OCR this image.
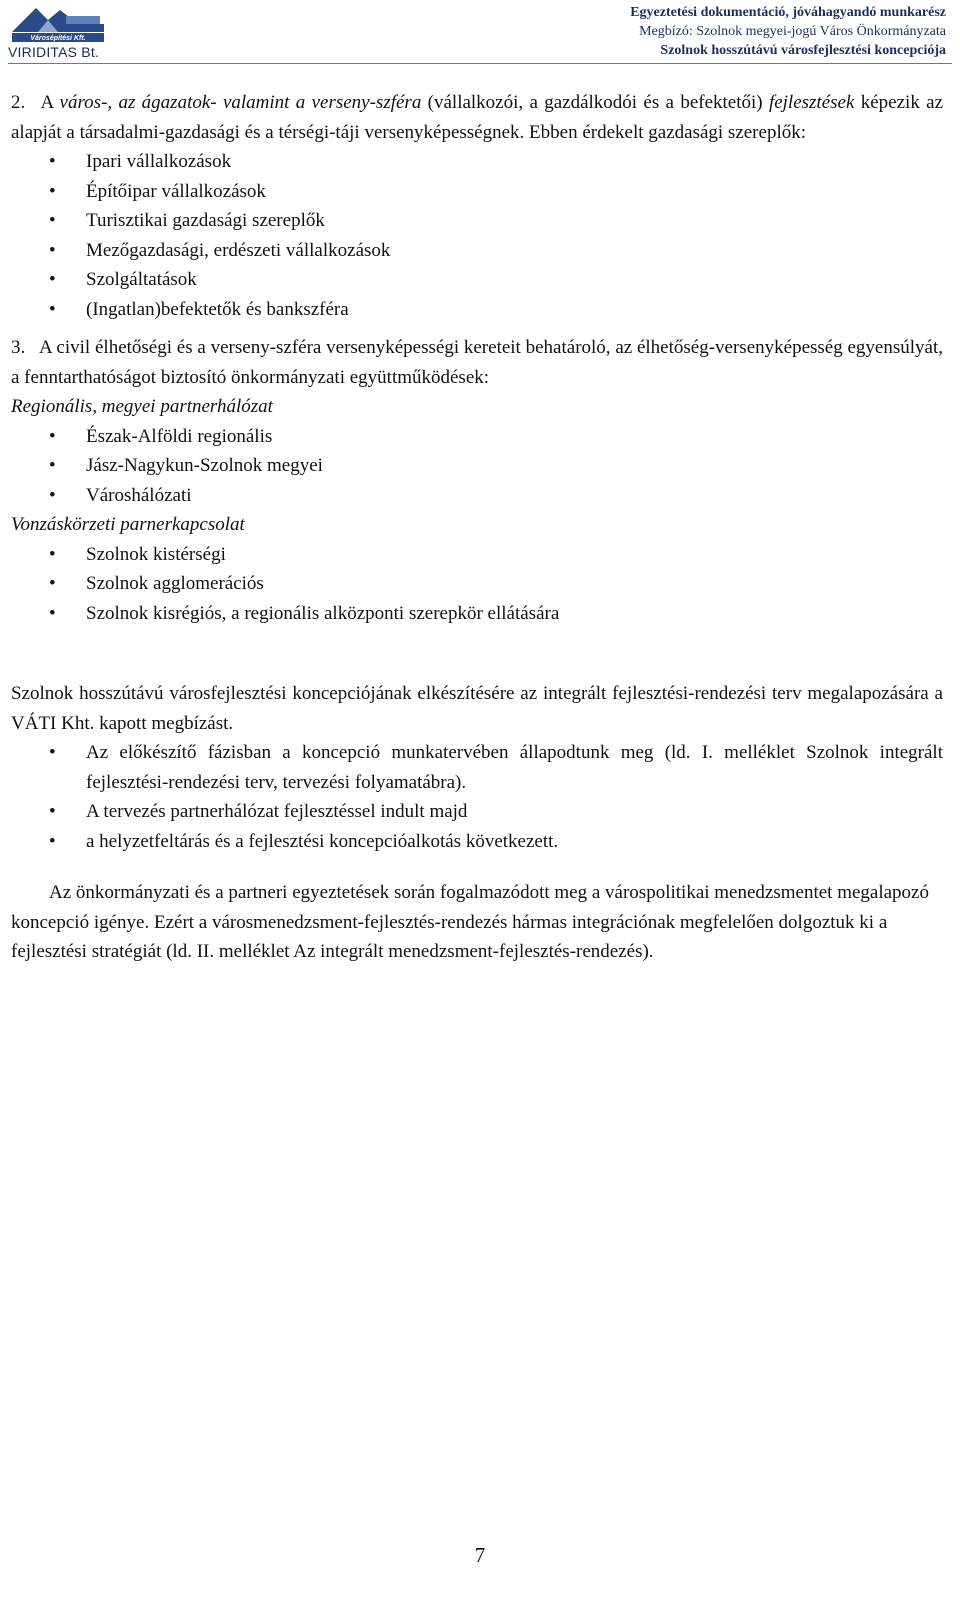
Városépítési Kft.
VIRIDITAS Bt.
Egyeztetési dokumentáció, jóváhagyandó munkarész
Megbízó: Szolnok megyei-jogú Város Önkormányzata
Szolnok hosszútávú városfejlesztési koncepciója

2. A város-, az ágazatok- valamint a verseny-szféra (vállalkozói, a gazdálkodói és a befektetői) fejlesztések képezik az alapját a társadalmi-gazdasági és a térségi-táji versenyképességnek. Ebben érdekelt gazdasági szereplők:

• Ipari vállalkozások
• Építőipar vállalkozások
• Turisztikai gazdasági szereplők
• Mezőgazdasági, erdészeti vállalkozások
• Szolgáltatások
• (Ingatlan)befektetők és bankszféra

3. A civil élhetőségi és a verseny-szféra versenyképességi kereteit behatároló, az élhetőség-versenyképesség egyensúlyát, a fenntarthatóságot biztosító önkormányzati együttműködések:

Regionális, megyei partnerhálózat

• Észak-Alföldi regionális
• Jász-Nagykun-Szolnok megyei
• Városhálózati

Vonzáskörzeti parnerkapcsolat

• Szolnok kistérségi
• Szolnok agglomerációs
• Szolnok kisrégiós, a regionális alközponti szerepkör ellátására

Szolnok hosszútávú városfejlesztési koncepciójának elkészítésére az integrált fejlesztési-rendezési terv megalapozására a VÁTI Kht. kapott megbízást.

• Az előkészítő fázisban a koncepció munkatervében állapodtunk meg (ld. I. melléklet Szolnok integrált fejlesztési-rendezési terv, tervezési folyamatábra).
• A tervezés partnerhálózat fejlesztéssel indult majd
• a helyzetfeltárás és a fejlesztési koncepcióalkotás következett.

Az önkormányzati és a partneri egyeztetések során fogalmazódott meg a várospolitikai menedzsmentet megalapozó koncepció igénye. Ezért a városmenedzsment-fejlesztés-rendezés hármas integrációnak megfelelően dolgoztuk ki a fejlesztési stratégiát (ld. II. melléklet Az integrált menedzsment-fejlesztés-rendezés).

7
